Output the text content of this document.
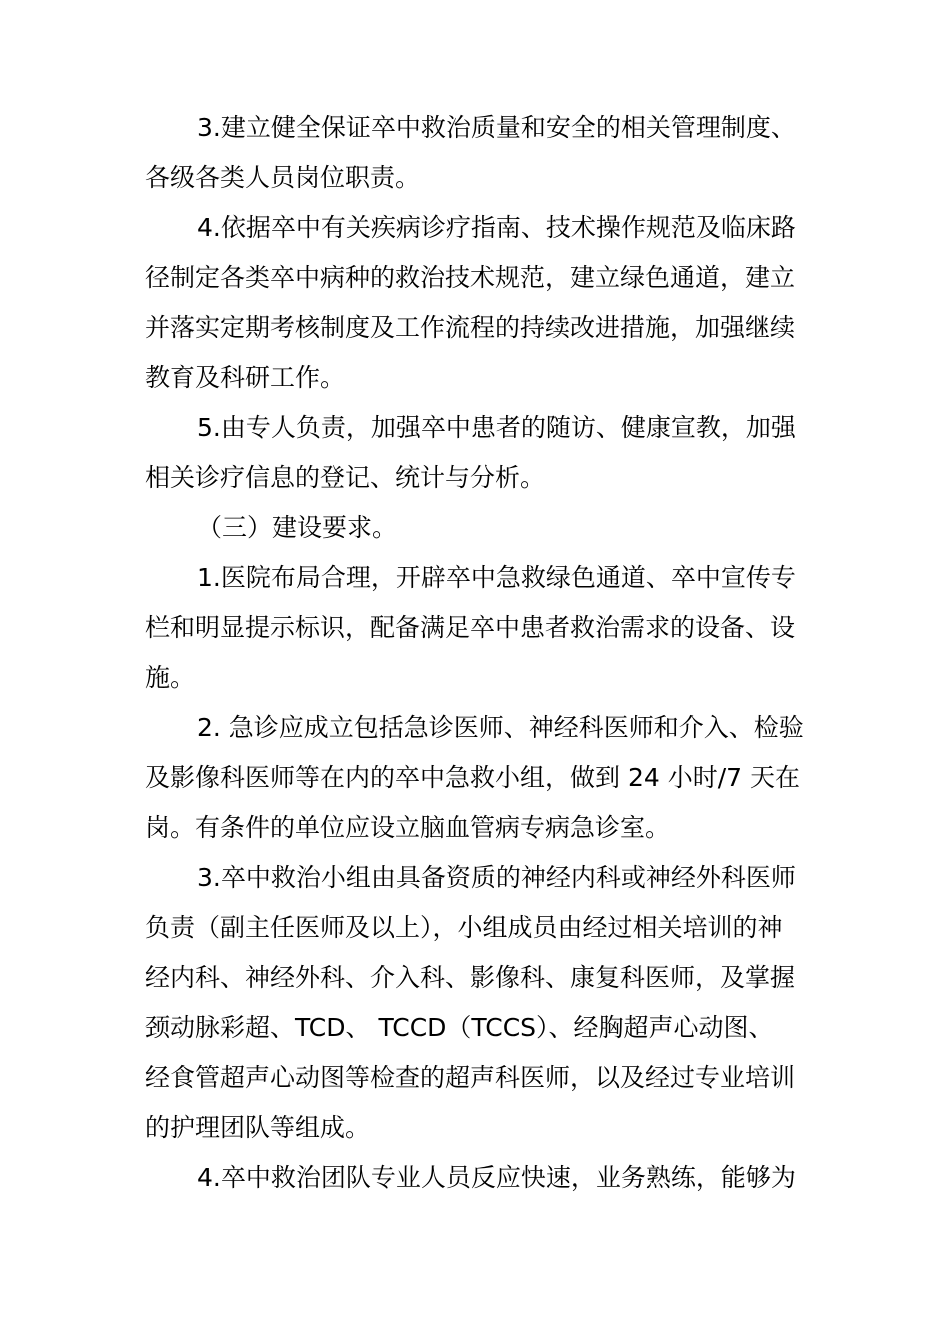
3.建立健全保证卒中救治质量和安全的相关管理制度、
各级各类人员岗位职责。
4.依据卒中有关疾病诊疗指南、技术操作规范及临床路
径制定各类卒中病种的救治技术规范，建立绿色通道，建立
并落实定期考核制度及工作流程的持续改进措施，加强继续
教育及科研工作。
5.由专人负责，加强卒中患者的随访、健康宣教，加强
相关诊疗信息的登记、统计与分析。
（三）建设要求。
1.医院布局合理，开辟卒中急救绿色通道、卒中宣传专
栏和明显提示标识，配备满足卒中患者救治需求的设备、设
施。
2. 急诊应成立包括急诊医师、神经科医师和介入、检验
及影像科医师等在内的卒中急救小组，做到 24 小时/7 天在
岗。有条件的单位应设立脑血管病专病急诊室。
3.卒中救治小组由具备资质的神经内科或神经外科医师
负责（副主任医师及以上），小组成员由经过相关培训的神
经内科、神经外科、介入科、影像科、康复科医师，及掌握
颈动脉彩超、TCD、 TCCD（TCCS）、经胸超声心动图、
经食管超声心动图等检查的超声科医师，以及经过专业培训
的护理团队等组成。
4.卒中救治团队专业人员反应快速，业务熟练，能够为
